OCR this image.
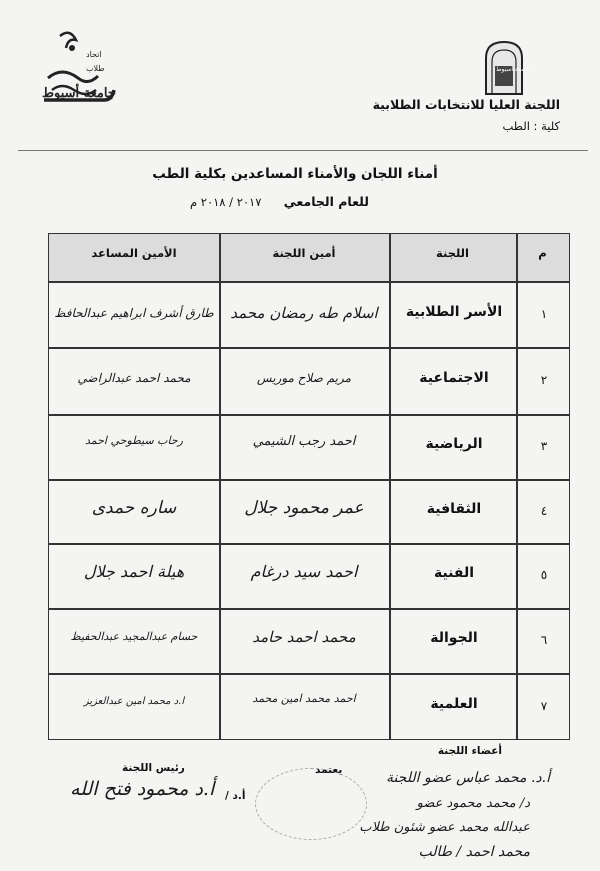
اتحاد
طلاب
جامعة أسيوط
جامعة أسيوط
اللجنة العليا للانتخابات الطلابية
كلية : الطب
أمناء اللجان والأمناء المساعدين بكلية الطب
للعام الجامعي ٢٠١٧ / ٢٠١٨ م
م
اللجنة
أمين اللجنة
الأمين المساعد
١
الأسر الطلابية
اسلام طه رمضان محمد
طارق أشرف ابراهيم عبدالحافظ
٢
الاجتماعية
مريم صلاح موريس
محمد احمد عبدالراضي
٣
الرياضية
احمد رجب الشيمي
رحاب سيطوحي احمد
٤
الثقافية
عمر محمود جلال
ساره حمدى
٥
الفنية
احمد سيد درغام
هيلة احمد جلال
٦
الجوالة
محمد احمد حامد
حسام عبدالمجيد عبدالحفيظ
٧
العلمية
احمد محمد امين محمد
ا.د محمد امين عبدالعزيز
أعضاء اللجنة
يعتمد
رئيس اللجنة
أ.د /
أ.د محمود فتح الله	أ.د. محمد عباس عضو اللجنة
د/ محمد محمود عضو
عبدالله محمد عضو شئون طلاب
محمد احمد / طالب
